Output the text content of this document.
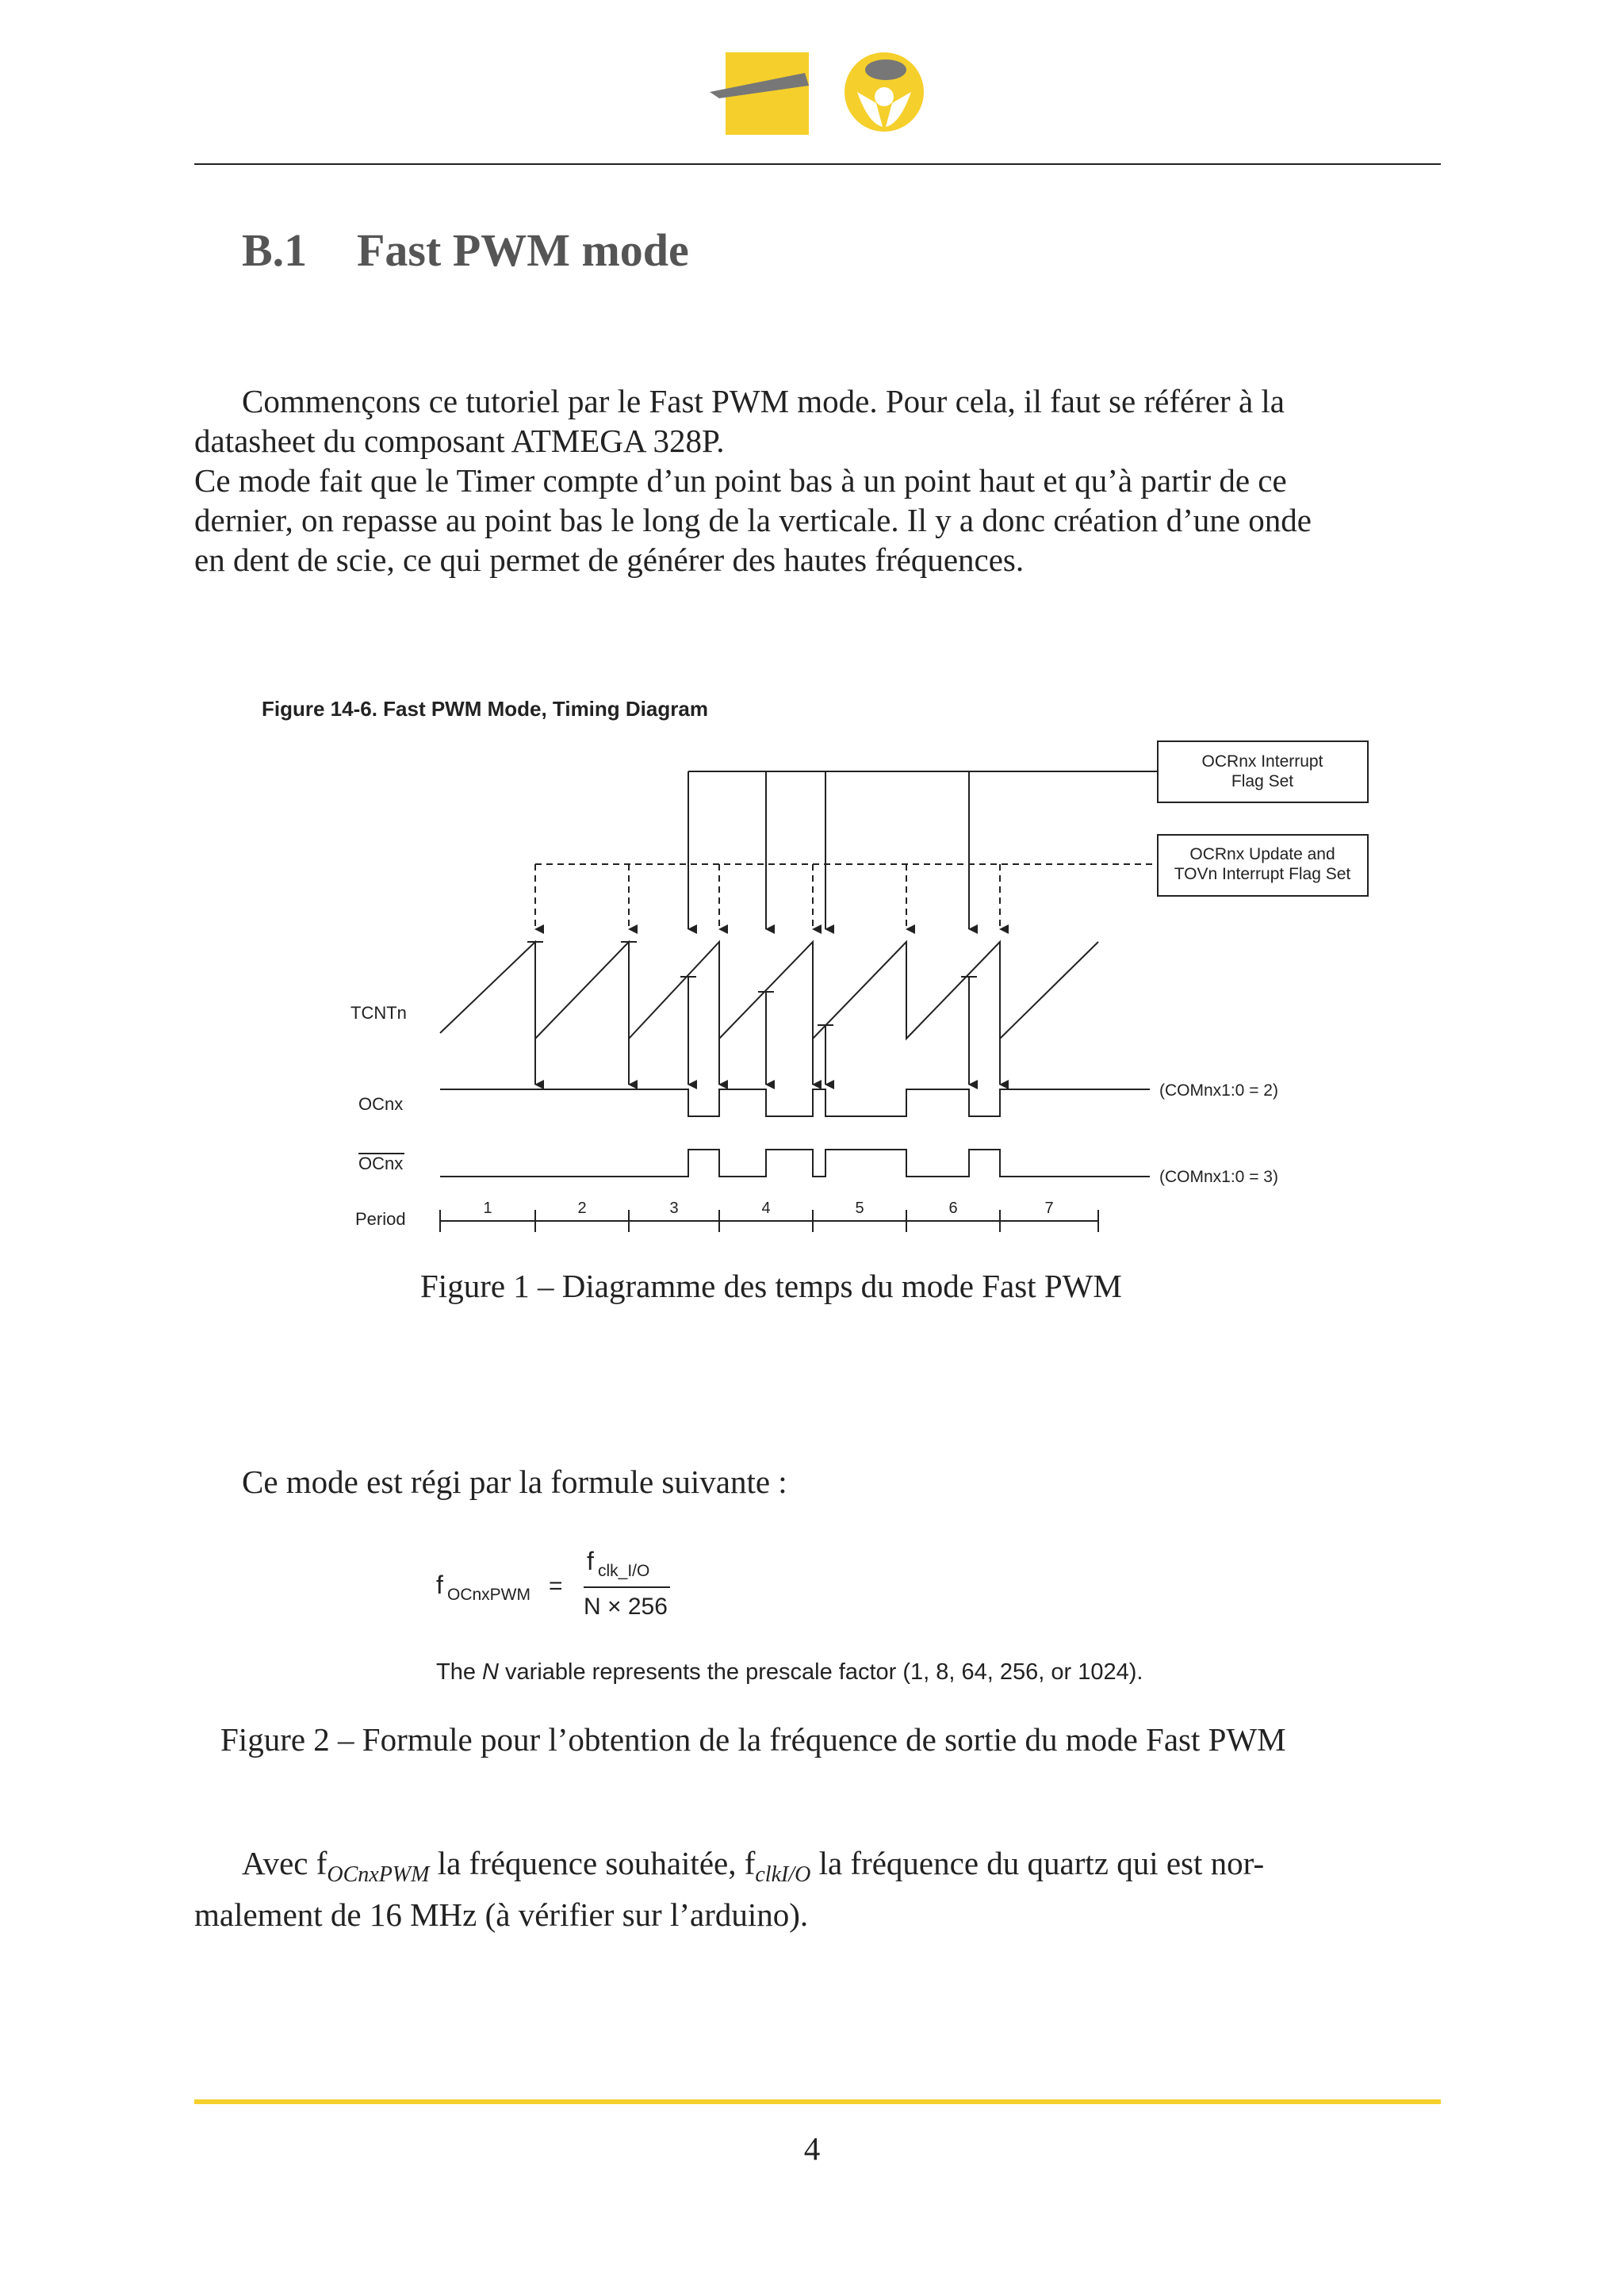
B.1 Fast PWM mode
Commençons ce tutoriel par le Fast PWM mode. Pour cela, il faut se référer à la
datasheet du composant ATMEGA 328P.
Ce mode fait que le Timer compte d’un point bas à un point haut et qu’à partir de ce
dernier, on repasse au point bas le long de la verticale. Il y a donc création d’une onde
en dent de scie, ce qui permet de générer des hautes fréquences.
Figure 14-6. Fast PWM Mode, Timing Diagram
OCRnx Interrupt
Flag Set
OCRnx Update and
TOVn Interrupt Flag Set
TCNTn
OCnx
OCnx
Period
(COMnx1:0 = 2)
(COMnx1:0 = 3)
1	2	3	4	5	6	7
Figure 1 – Diagramme des temps du mode Fast PWM
Ce mode est régi par la formule suivante :
f OCnxPWM =
f clk_I/O
N × 256
The N variable represents the prescale factor (1, 8, 64, 256, or 1024).
Figure 2 – Formule pour l’obtention de la fréquence de sortie du mode Fast PWM
Avec $f_{OCnxPWM}$ la fréquence souhaitée, $f_{clkI/O}$ la fréquence du quartz qui est nor-
malement de 16 MHz (à vérifier sur l’arduino).
4
